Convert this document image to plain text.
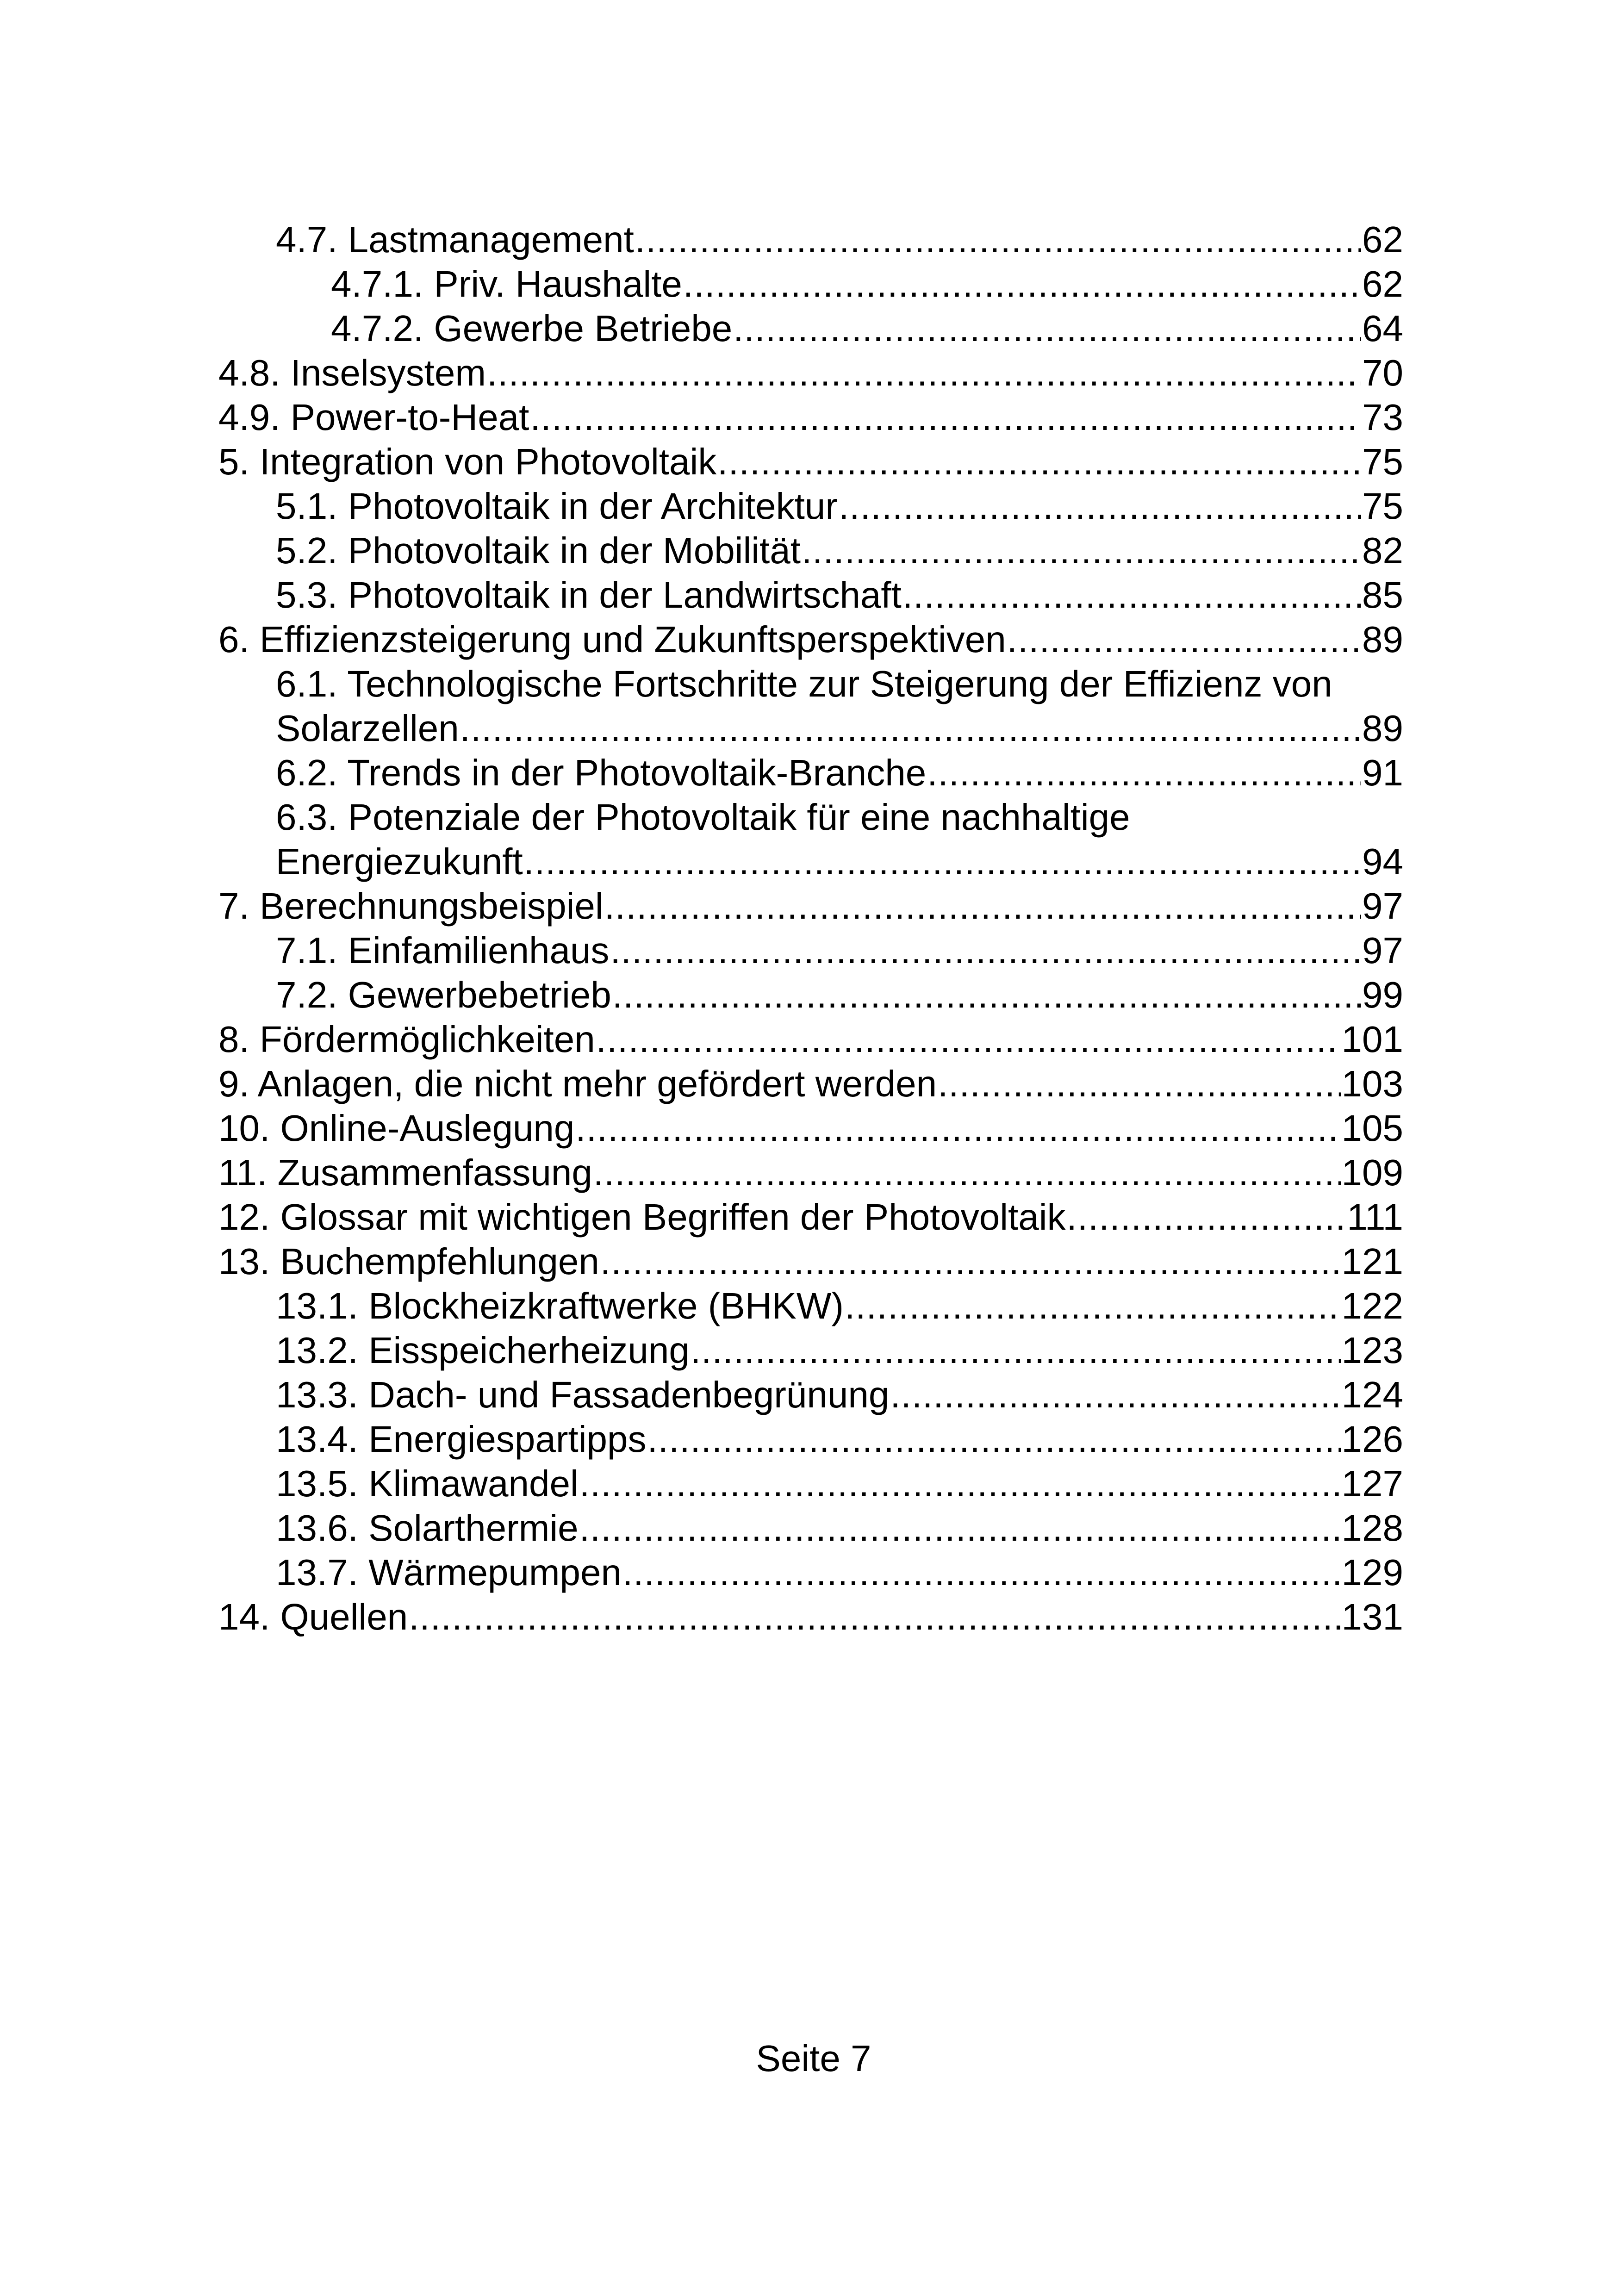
4.7. Lastmanagement .....	62
4.7.1. Priv. Haushalte .....	62
4.7.2. Gewerbe Betriebe .....	64
4.8. Inselsystem .....	70
4.9. Power-to-Heat .....	73
5. Integration von Photovoltaik .....	75
5.1. Photovoltaik in der Architektur .....	75
5.2. Photovoltaik in der Mobilität .....	82
5.3. Photovoltaik in der Landwirtschaft .....	85
6. Effizienzsteigerung und Zukunftsperspektiven .....	89
6.1. Technologische Fortschritte zur Steigerung der Effizienz von
Solarzellen .....	89
6.2. Trends in der Photovoltaik-Branche .....	91
6.3. Potenziale der Photovoltaik für eine nachhaltige
Energiezukunft .....	94
7. Berechnungsbeispiel .....	97
7.1. Einfamilienhaus .....	97
7.2. Gewerbebetrieb .....	99
8. Fördermöglichkeiten .....	101
9. Anlagen, die nicht mehr gefördert werden .....	103
10. Online-Auslegung .....	105
11. Zusammenfassung .....	109
12. Glossar mit wichtigen Begriffen der Photovoltaik .....	111
13. Buchempfehlungen .....	121
13.1. Blockheizkraftwerke (BHKW) .....	122
13.2. Eisspeicherheizung .....	123
13.3. Dach- und Fassadenbegrünung .....	124
13.4. Energiespartipps .....	126
13.5. Klimawandel .....	127
13.6. Solarthermie .....	128
13.7. Wärmepumpen .....	129
14. Quellen .....	131
Seite 7
